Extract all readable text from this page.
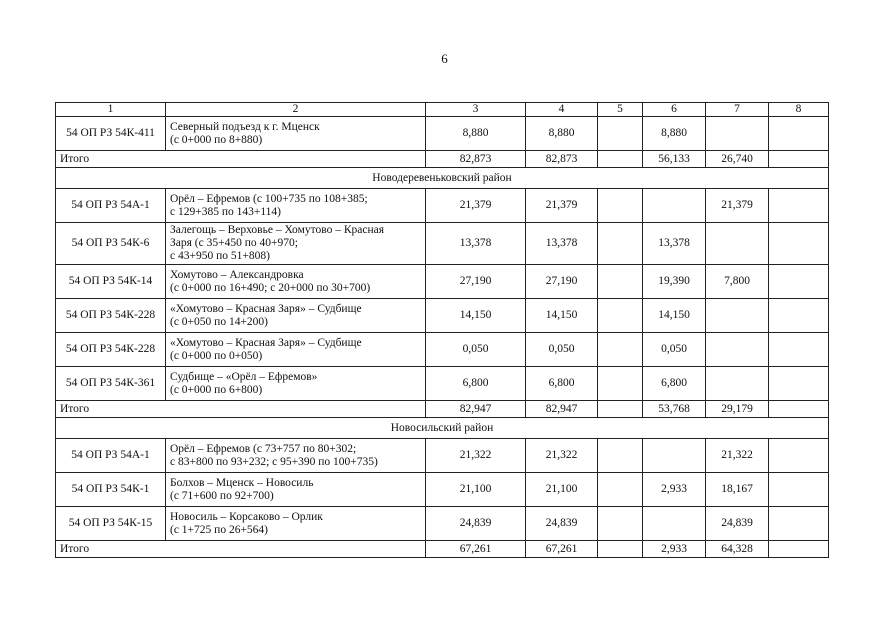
6
1	2	3	4	5	6	7	8
54 ОП РЗ 54К-411	Северный подъезд к г. Мценск
(с 0+000 по 8+880)	8,880	8,880		8,880		
Итого		82,873	82,873		56,133	26,740	
Новодеревеньковский район							
54 ОП РЗ 54А-1	Орёл – Ефремов (с 100+735 по 108+385;
с 129+385 по 143+114)	21,379	21,379			21,379	
54 ОП РЗ 54К-6	Залегощь – Верховье – Хомутово – Красная
Заря (с 35+450 по 40+970;
с 43+950 по 51+808)	13,378	13,378		13,378		
54 ОП РЗ 54К-14	Хомутово – Александровка
(с 0+000 по 16+490; с 20+000 по 30+700)	27,190	27,190		19,390	7,800	
54 ОП РЗ 54К-228	«Хомутово – Красная Заря» – Судбище
(с 0+050 по 14+200)	14,150	14,150		14,150		
54 ОП РЗ 54К-228	«Хомутово – Красная Заря» – Судбище
(с 0+000 по 0+050)	0,050	0,050		0,050		
54 ОП РЗ 54К-361	Судбище – «Орёл – Ефремов»
(с 0+000 по 6+800)	6,800	6,800		6,800		
Итого		82,947	82,947		53,768	29,179	
Новосильский район							
54 ОП РЗ 54А-1	Орёл – Ефремов (с 73+757 по 80+302;
с 83+800 по 93+232; с 95+390 по 100+735)	21,322	21,322			21,322	
54 ОП РЗ 54К-1	Болхов – Мценск – Новосиль
(с 71+600 по 92+700)	21,100	21,100		2,933	18,167	
54 ОП РЗ 54К-15	Новосиль – Корсаково – Орлик
(с 1+725 по 26+564)	24,839	24,839			24,839	
Итого		67,261	67,261		2,933	64,328	
